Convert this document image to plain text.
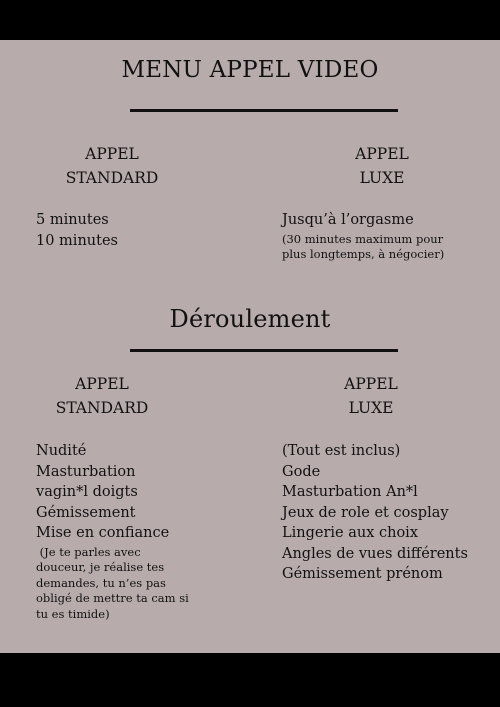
MENU APPEL VIDEO
APPEL
STANDARD
APPEL
LUXE
5 minutes
10 minutes
Jusqu’à l’orgasme
(30 minutes maximum pour
plus longtemps, à négocier)
Déroulement
APPEL
STANDARD
APPEL
LUXE
Nudité
Masturbation
vagin*l doigts
Gémissement
Mise en confiance
(Je te parles avec
douceur, je réalise tes
demandes, tu n’es pas
obligé de mettre ta cam si
tu es timide)
(Tout est inclus)
Gode
Masturbation An*l
Jeux de role et cosplay
Lingerie aux choix
Angles de vues différents
Gémissement prénom
